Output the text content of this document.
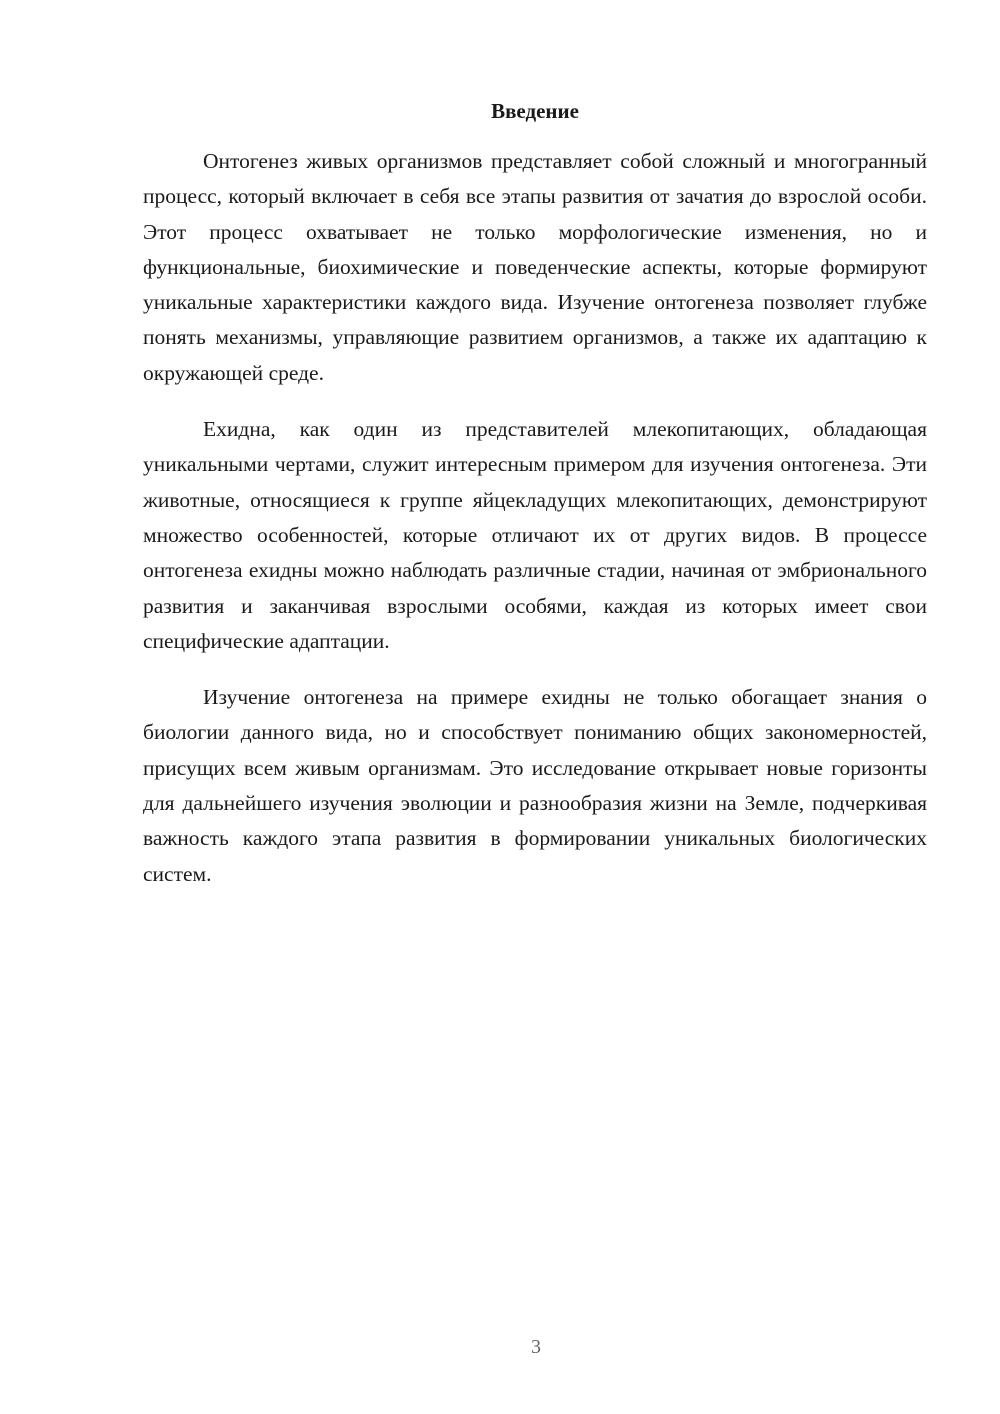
Введение

Онтогенез живых организмов представляет собой сложный и многогранный процесс, который включает в себя все этапы развития от зачатия до взрослой особи. Этот процесс охватывает не только морфологические изменения, но и функциональные, биохимические и поведенческие аспекты, которые формируют уникальные характеристики каждого вида. Изучение онтогенеза позволяет глубже понять механизмы, управляющие развитием организмов, а также их адаптацию к окружающей среде.

Ехидна, как один из представителей млекопитающих, обладающая уникальными чертами, служит интересным примером для изучения онтогенеза. Эти животные, относящиеся к группе яйцекладущих млекопитающих, демонстрируют множество особенностей, которые отличают их от других видов. В процессе онтогенеза ехидны можно наблюдать различные стадии, начиная от эмбрионального развития и заканчивая взрослыми особями, каждая из которых имеет свои специфические адаптации.

Изучение онтогенеза на примере ехидны не только обогащает знания о биологии данного вида, но и способствует пониманию общих закономерностей, присущих всем живым организмам. Это исследование открывает новые горизонты для дальнейшего изучения эволюции и разнообразия жизни на Земле, подчеркивая важность каждого этапа развития в формировании уникальных биологических систем.

3
